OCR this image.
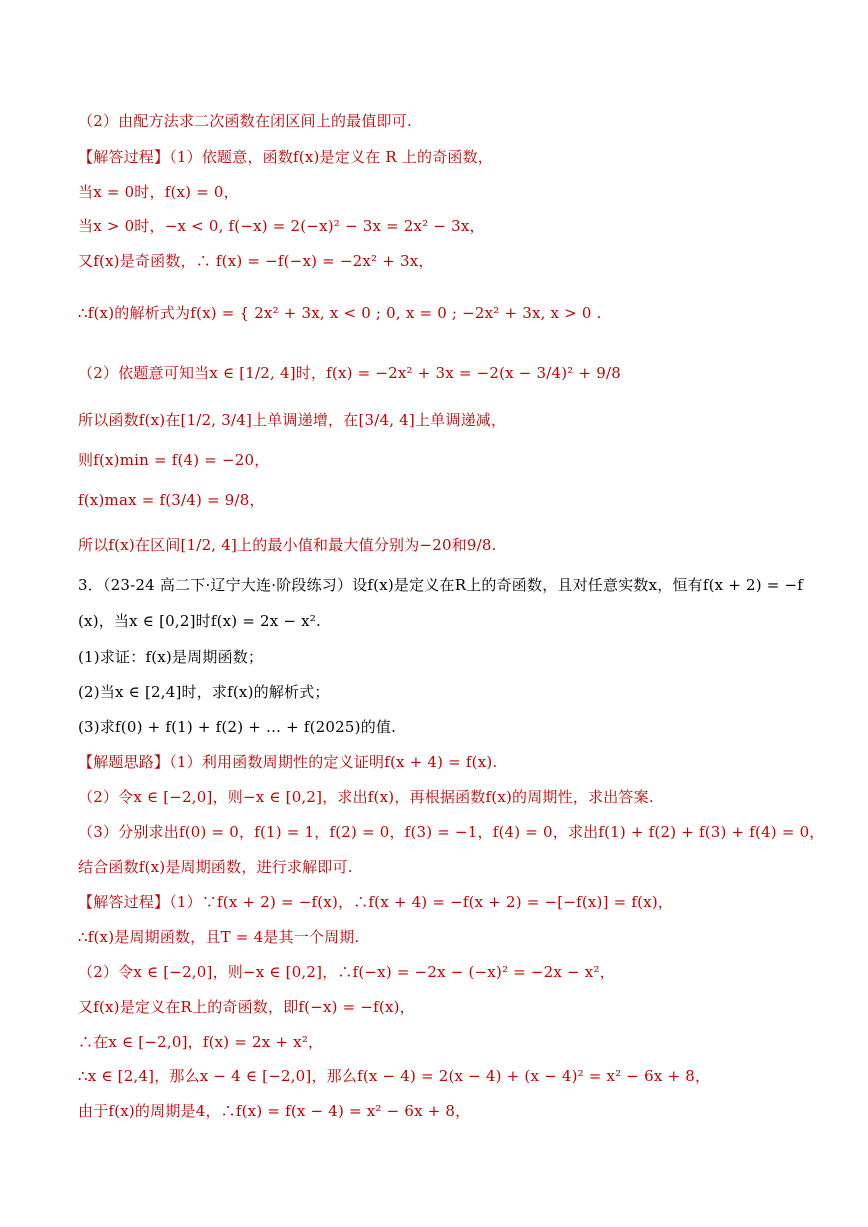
（2）由配方法求二次函数在闭区间上的最值即可.
【解答过程】（1）依题意，函数f(x)是定义在 R 上的奇函数，
当x = 0时，f(x) = 0，
当x > 0时，−x < 0, f(−x) = 2(−x)² − 3x = 2x² − 3x，
又f(x)是奇函数，∴ f(x) = −f(−x) = −2x² + 3x，
∴f(x)的解析式为f(x) = { 2x² + 3x, x < 0 ; 0, x = 0 ; −2x² + 3x, x > 0 .
（2）依题意可知当x ∈ [1/2, 4]时，f(x) = −2x² + 3x = −2(x − 3/4)² + 9/8
所以函数f(x)在[1/2, 3/4]上单调递增，在[3/4, 4]上单调递减，
则f(x)min = f(4) = −20，
f(x)max = f(3/4) = 9/8，
所以f(x)在区间[1/2, 4]上的最小值和最大值分别为−20和9/8.
3．（23-24 高二下·辽宁大连·阶段练习）设f(x)是定义在R上的奇函数，且对任意实数x，恒有f(x + 2) = −f
(x)，当x ∈ [0,2]时f(x) = 2x − x².
(1)求证：f(x)是周期函数；
(2)当x ∈ [2,4]时，求f(x)的解析式；
(3)求f(0) + f(1) + f(2) + … + f(2025)的值.
【解题思路】（1）利用函数周期性的定义证明f(x + 4) = f(x).
（2）令x ∈ [−2,0]，则−x ∈ [0,2]，求出f(x)，再根据函数f(x)的周期性，求出答案.
（3）分别求出f(0) = 0，f(1) = 1，f(2) = 0，f(3) = −1，f(4) = 0，求出f(1) + f(2) + f(3) + f(4) = 0，
结合函数f(x)是周期函数，进行求解即可.
【解答过程】（1）∵f(x + 2) = −f(x)，∴f(x + 4) = −f(x + 2) = −[−f(x)] = f(x)，
∴f(x)是周期函数，且T = 4是其一个周期.
（2）令x ∈ [−2,0]，则−x ∈ [0,2]，∴f(−x) = −2x − (−x)² = −2x − x²，
又f(x)是定义在R上的奇函数，即f(−x) = −f(x)，
∴在x ∈ [−2,0]，f(x) = 2x + x²，
∴x ∈ [2,4]，那么x − 4 ∈ [−2,0]，那么f(x − 4) = 2(x − 4) + (x − 4)² = x² − 6x + 8，
由于f(x)的周期是4，∴f(x) = f(x − 4) = x² − 6x + 8，
